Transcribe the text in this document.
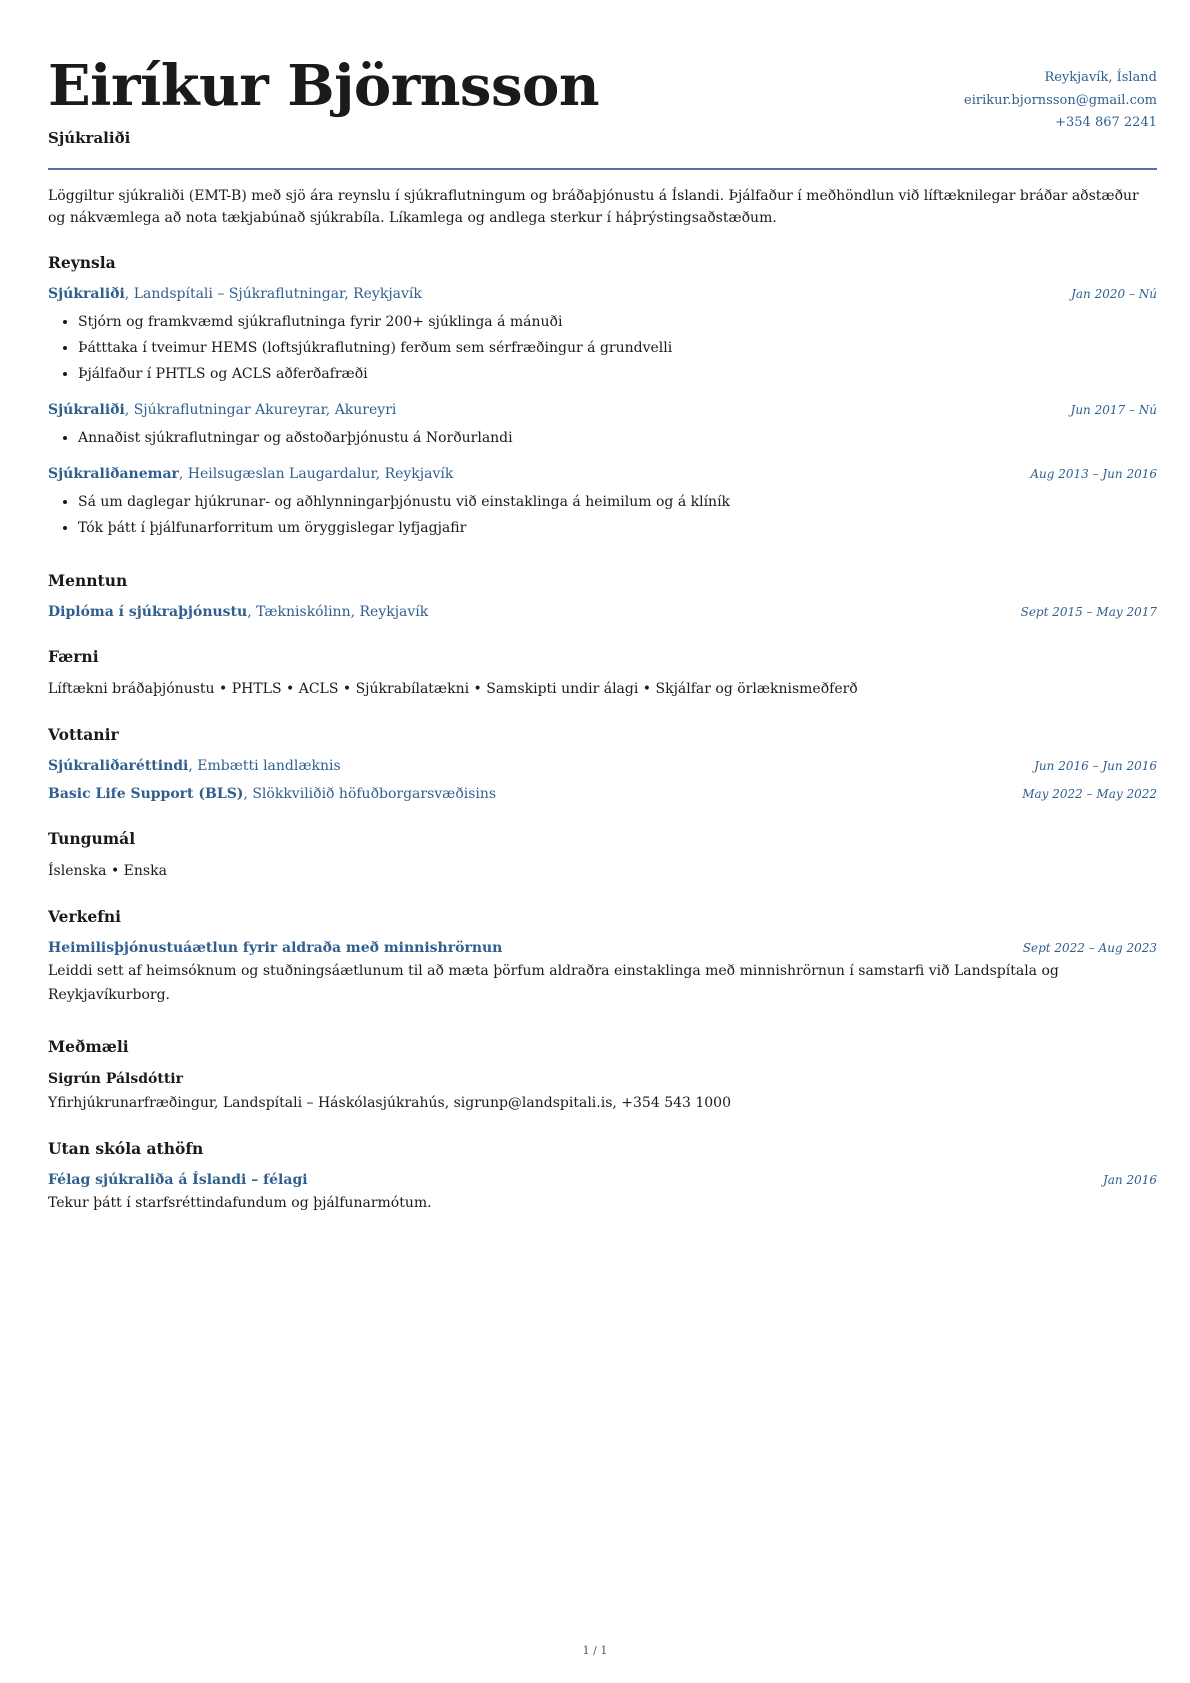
Eiríkur Björnsson
Sjúkraliði
Reykjavík, Ísland
eirikur.bjornsson@gmail.com
+354 867 2241

Löggiltur sjúkraliði (EMT-B) með sjö ára reynslu í sjúkraflutningum og bráðaþjónustu á Íslandi. Þjálfaður í meðhöndlun við líftæknilegar bráðar aðstæður og nákvæmlega að nota tækjabúnað sjúkrabíla. Líkamlega og andlega sterkur í háþrýstingsaðstæðum.

Reynsla
Sjúkraliði, Landspítali – Sjúkraflutningar, Reykjavík	Jan 2020 – Nú
• Stjórn og framkvæmd sjúkraflutninga fyrir 200+ sjúklinga á mánuði
• Þátttaka í tveimur HEMS (loftsjúkraflutning) ferðum sem sérfræðingur á grundvelli
• Þjálfaður í PHTLS og ACLS aðferðafræði
Sjúkraliði, Sjúkraflutningar Akureyrar, Akureyri	Jun 2017 – Nú
• Annaðist sjúkraflutningar og aðstoðarþjónustu á Norðurlandi
Sjúkraliðanemar, Heilsugæslan Laugardalur, Reykjavík	Aug 2013 – Jun 2016
• Sá um daglegar hjúkrunar- og aðhlynningarþjónustu við einstaklinga á heimilum og á klíník
• Tók þátt í þjálfunarforritum um öryggislegar lyfjagjafir
Menntun
Diplóma í sjúkraþjónustu, Tækniskólinn, Reykjavík	Sept 2015 – May 2017
Færni

Líftækni bráðaþjónustu • PHTLS • ACLS • Sjúkrabílatækni • Samskipti undir álagi • Skjálfar og örlæknismeðferð

Vottanir
Sjúkraliðaréttindi, Embætti landlæknis	Jun 2016 – Jun 2016
Basic Life Support (BLS), Slökkviliðið höfuðborgarsvæðisins	May 2022 – May 2022
Tungumál

Íslenska • Enska

Verkefni
Heimilisþjónustuáætlun fyrir aldraða með minnishrörnun	Sept 2022 – Aug 2023

Leiddi sett af heimsóknum og stuðningsáætlunum til að mæta þörfum aldraðra einstaklinga með minnishrörnun í samstarfi við Landspítala og Reykjavíkurborg.

Meðmæli

Sigrún Pálsdóttir

Yfirhjúkrunarfræðingur, Landspítali – Háskólasjúkrahús, sigrunp@landspitali.is, +354 543 1000

Utan skóla athöfn
Félag sjúkraliða á Íslandi – félagi	Jan 2016

Tekur þátt í starfsréttindafundum og þjálfunarmótum.

1 / 1
